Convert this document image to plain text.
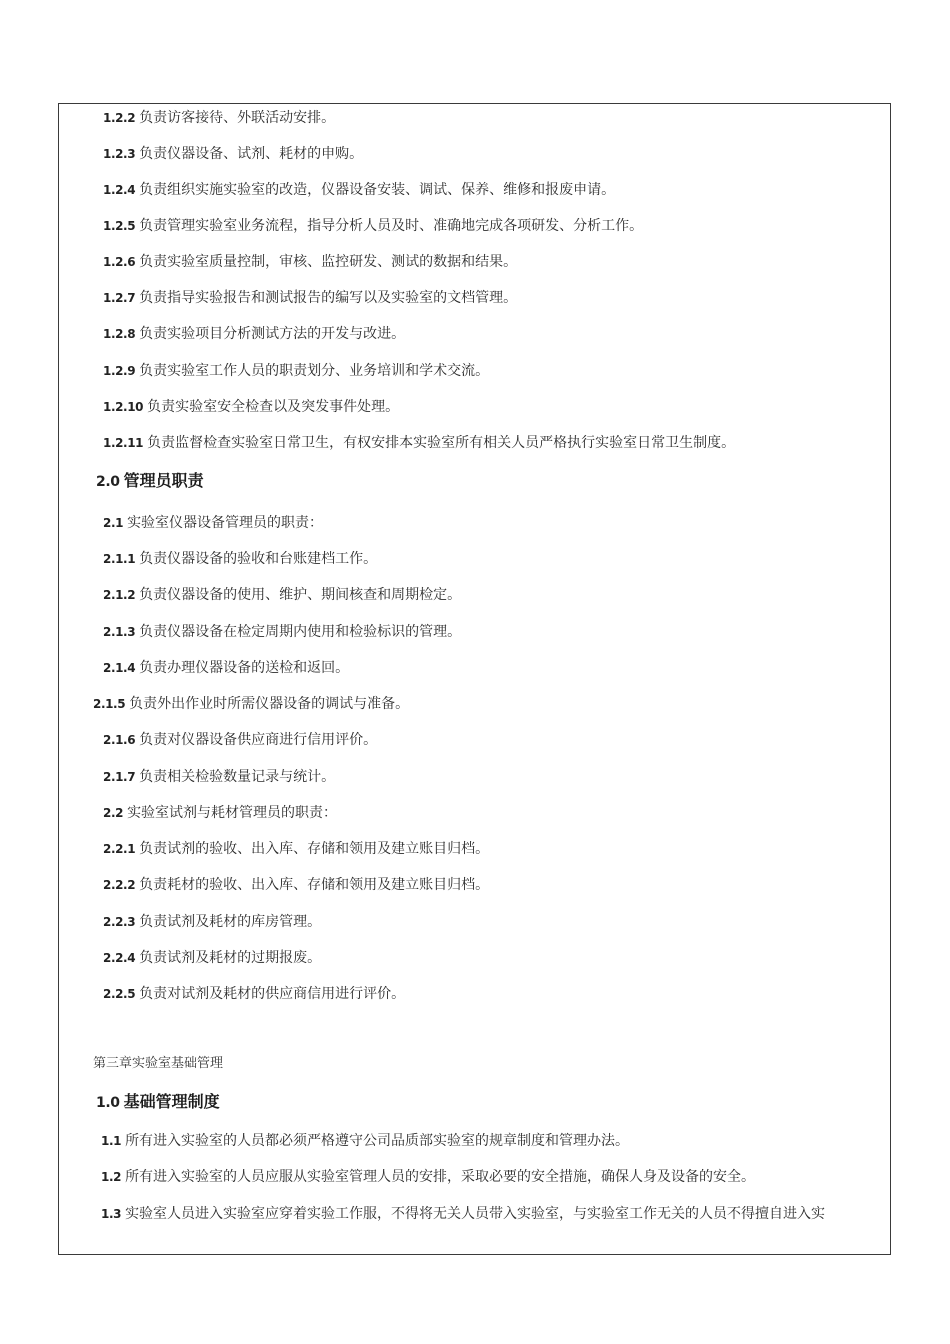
1.2.2 负责访客接待、外联活动安排。
1.2.3 负责仪器设备、试剂、耗材的申购。
1.2.4 负责组织实施实验室的改造，仪器设备安装、调试、保养、维修和报废申请。
1.2.5 负责管理实验室业务流程，指导分析人员及时、准确地完成各项研发、分析工作。
1.2.6 负责实验室质量控制，审核、监控研发、测试的数据和结果。
1.2.7 负责指导实验报告和测试报告的编写以及实验室的文档管理。
1.2.8 负责实验项目分析测试方法的开发与改进。
1.2.9 负责实验室工作人员的职责划分、业务培训和学术交流。
1.2.10 负责实验室安全检查以及突发事件处理。
1.2.11 负责监督检查实验室日常卫生，有权安排本实验室所有相关人员严格执行实验室日常卫生制度。
2.0 管理员职责
2.1 实验室仪器设备管理员的职责：
2.1.1 负责仪器设备的验收和台账建档工作。
2.1.2 负责仪器设备的使用、维护、期间核查和周期检定。
2.1.3 负责仪器设备在检定周期内使用和检验标识的管理。
2.1.4 负责办理仪器设备的送检和返回。
2.1.5 负责外出作业时所需仪器设备的调试与准备。
2.1.6 负责对仪器设备供应商进行信用评价。
2.1.7 负责相关检验数量记录与统计。
2.2 实验室试剂与耗材管理员的职责：
2.2.1 负责试剂的验收、出入库、存储和领用及建立账目归档。
2.2.2 负责耗材的验收、出入库、存储和领用及建立账目归档。
2.2.3 负责试剂及耗材的库房管理。
2.2.4 负责试剂及耗材的过期报废。
2.2.5 负责对试剂及耗材的供应商信用进行评价。
第三章实验室基础管理
1.0 基础管理制度
1.1 所有进入实验室的人员都必须严格遵守公司品质部实验室的规章制度和管理办法。
1.2 所有进入实验室的人员应服从实验室管理人员的安排，采取必要的安全措施，确保人身及设备的安全。
1.3 实验室人员进入实验室应穿着实验工作服，不得将无关人员带入实验室，与实验室工作无关的人员不得擅自进入实
